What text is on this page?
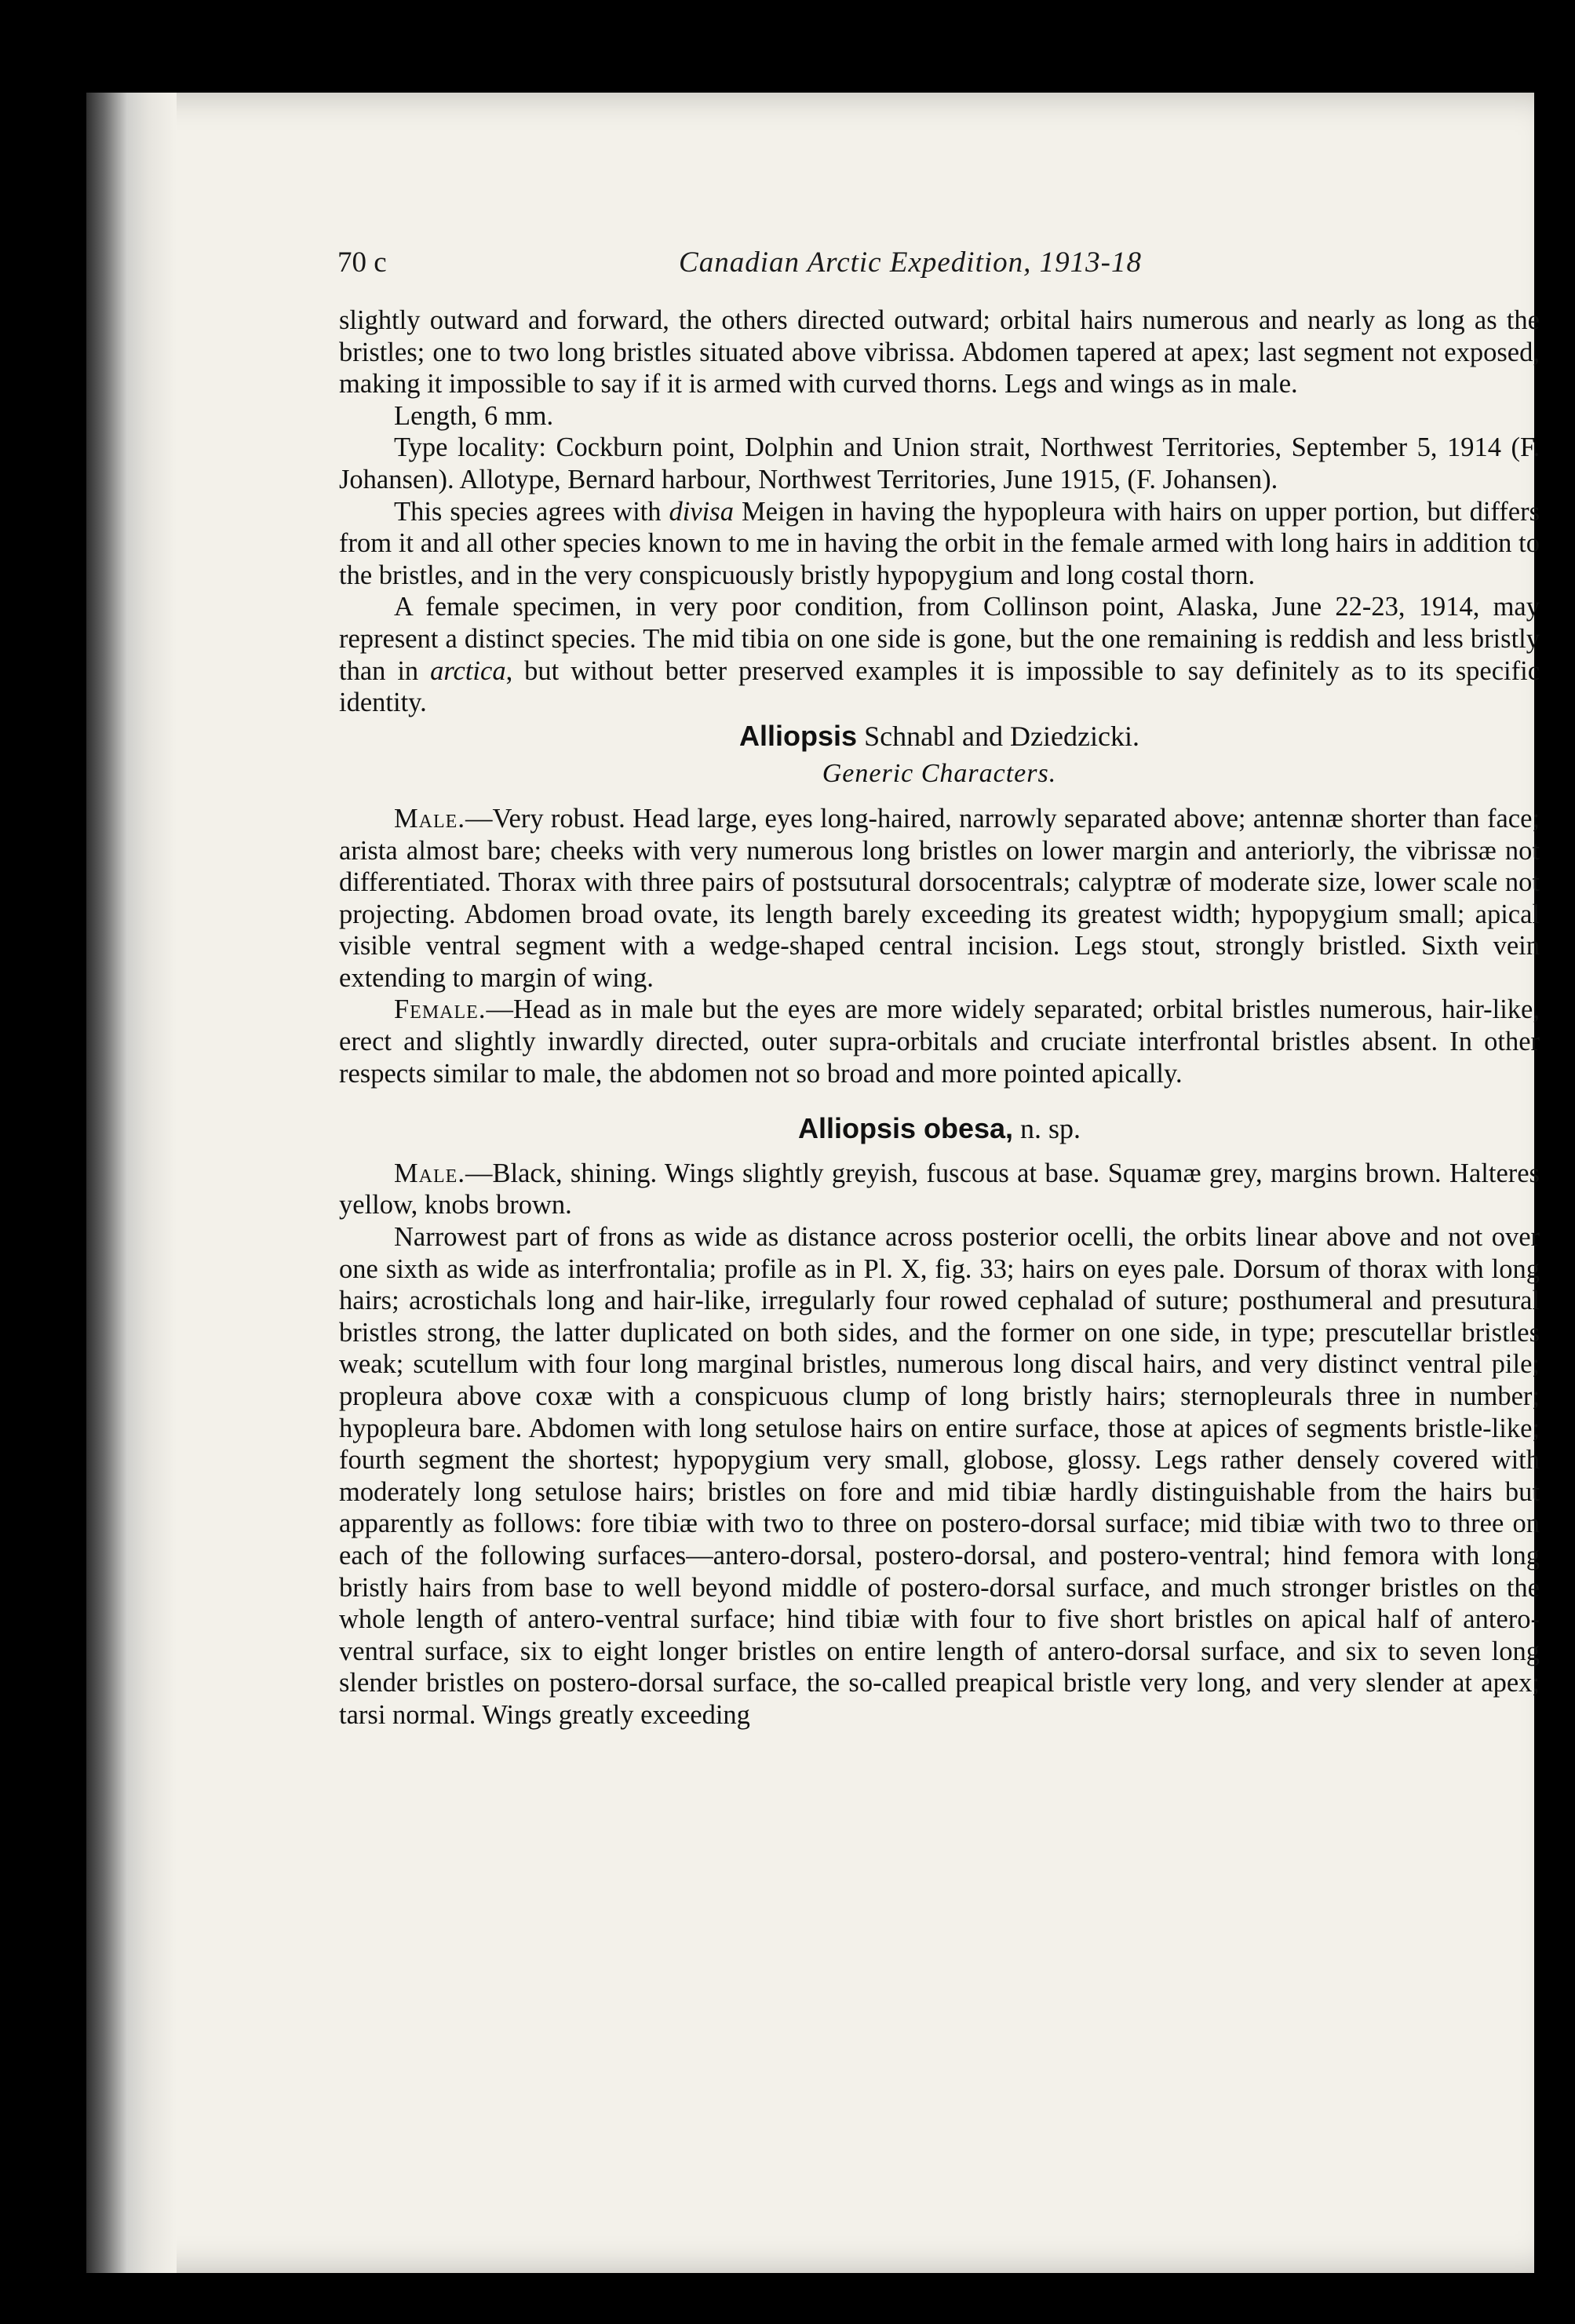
70 c	Canadian Arctic Expedition, 1913-18

slightly outward and forward, the others directed outward; orbital hairs numerous and nearly as long as the bristles; one to two long bristles situated above vibrissa. Abdomen tapered at apex; last segment not exposed, making it impossible to say if it is armed with curved thorns. Legs and wings as in male.

Length, 6 mm.

Type locality: Cockburn point, Dolphin and Union strait, Northwest Territories, September 5, 1914 (F. Johansen). Allotype, Bernard harbour, Northwest Territories, June 1915, (F. Johansen).

This species agrees with divisa Meigen in having the hypopleura with hairs on upper portion, but differs from it and all other species known to me in having the orbit in the female armed with long hairs in addition to the bristles, and in the very conspicuously bristly hypopygium and long costal thorn.

A female specimen, in very poor condition, from Collinson point, Alaska, June 22-23, 1914, may represent a distinct species. The mid tibia on one side is gone, but the one remaining is reddish and less bristly than in arctica, but without better preserved examples it is impossible to say definitely as to its specific identity.

Alliopsis Schnabl and Dziedzicki.
Generic Characters.

Male.—Very robust. Head large, eyes long-haired, narrowly separated above; antennæ shorter than face; arista almost bare; cheeks with very numerous long bristles on lower margin and anteriorly, the vibrissæ not differentiated. Thorax with three pairs of postsutural dorsocentrals; calyptræ of moderate size, lower scale not projecting. Abdomen broad ovate, its length barely exceeding its greatest width; hypopygium small; apical visible ventral segment with a wedge-shaped central incision. Legs stout, strongly bristled. Sixth vein extending to margin of wing.

Female.—Head as in male but the eyes are more widely separated; orbital bristles numerous, hair-like, erect and slightly inwardly directed, outer supra-orbitals and cruciate interfrontal bristles absent. In other respects similar to male, the abdomen not so broad and more pointed apically.

Alliopsis obesa, n. sp.

Male.—Black, shining. Wings slightly greyish, fuscous at base. Squamæ grey, margins brown. Halteres yellow, knobs brown.

Narrowest part of frons as wide as distance across posterior ocelli, the orbits linear above and not over one sixth as wide as interfrontalia; profile as in Pl. X, fig. 33; hairs on eyes pale. Dorsum of thorax with long hairs; acrostichals long and hair-like, irregularly four rowed cephalad of suture; posthumeral and presutural bristles strong, the latter duplicated on both sides, and the former on one side, in type; prescutellar bristles weak; scutellum with four long marginal bristles, numerous long discal hairs, and very distinct ventral pile; propleura above coxæ with a conspicuous clump of long bristly hairs; sternopleurals three in number; hypopleura bare. Abdomen with long setulose hairs on entire surface, those at apices of segments bristle-like; fourth segment the shortest; hypopygium very small, globose, glossy. Legs rather densely covered with moderately long setulose hairs; bristles on fore and mid tibiæ hardly distinguishable from the hairs but apparently as follows: fore tibiæ with two to three on postero-dorsal surface; mid tibiæ with two to three on each of the following surfaces—antero-dorsal, postero-dorsal, and postero-ventral; hind femora with long bristly hairs from base to well beyond middle of postero-dorsal surface, and much stronger bristles on the whole length of antero-ventral surface; hind tibiæ with four to five short bristles on apical half of antero-ventral surface, six to eight longer bristles on entire length of antero-dorsal surface, and six to seven long slender bristles on postero-dorsal surface, the so-called preapical bristle very long, and very slender at apex; tarsi normal. Wings greatly exceeding
